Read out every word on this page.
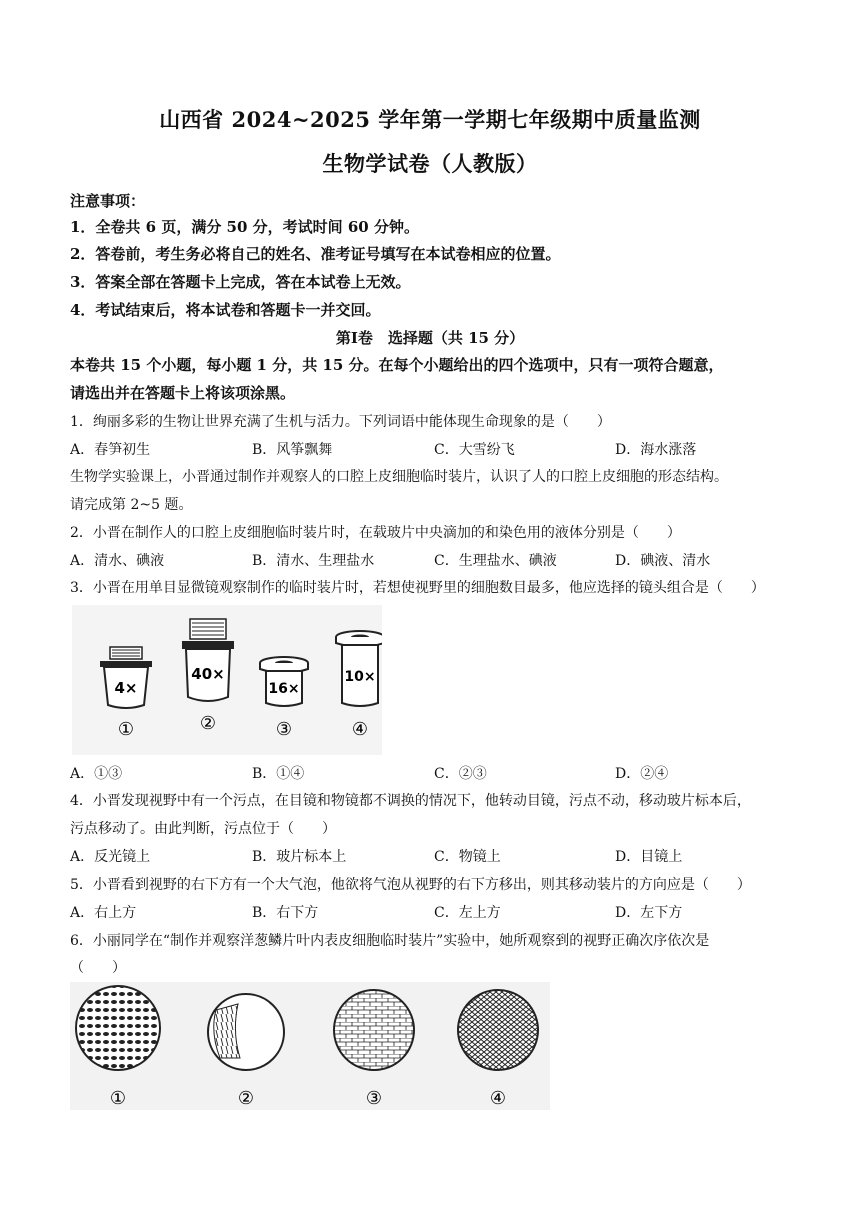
山西省 2024~2025 学年第一学期七年级期中质量监测
生物学试卷（人教版）
注意事项：
1．全卷共 6 页，满分 50 分，考试时间 60 分钟。
2．答卷前，考生务必将自己的姓名、准考证号填写在本试卷相应的位置。
3．答案全部在答题卡上完成，答在本试卷上无效。
4．考试结束后，将本试卷和答题卡一并交回。
第Ⅰ卷　选择题（共 15 分）
本卷共 15 个小题，每小题 1 分，共 15 分。在每个小题给出的四个选项中，只有一项符合题意，
请选出并在答题卡上将该项涂黑。
1．绚丽多彩的生物让世界充满了生机与活力。下列词语中能体现生命现象的是（　　）
A．春笋初生	B．风筝飘舞	C．大雪纷飞	D．海水涨落
生物学实验课上，小晋通过制作并观察人的口腔上皮细胞临时装片，认识了人的口腔上皮细胞的形态结构。
请完成第 2~5 题。
2．小晋在制作人的口腔上皮细胞临时装片时，在载玻片中央滴加的和染色用的液体分别是（　　）
A．清水、碘液	B．清水、生理盐水	C．生理盐水、碘液	D．碘液、清水
3．小晋在用单目显微镜观察制作的临时装片时，若想使视野里的细胞数目最多，他应选择的镜头组合是（　　）
4×
①
40×
②
16×
③
10×
④
A．①③	B．①④	C．②③	D．②④
4．小晋发现视野中有一个污点，在目镜和物镜都不调换的情况下，他转动目镜，污点不动，移动玻片标本后，
污点移动了。由此判断，污点位于（　　）
A．反光镜上	B．玻片标本上	C．物镜上	D．目镜上
5．小晋看到视野的右下方有一个大气泡，他欲将气泡从视野的右下方移出，则其移动装片的方向应是（　　）
A．右上方	B．右下方	C．左上方	D．左下方
6．小丽同学在“制作并观察洋葱鳞片叶内表皮细胞临时装片”实验中，她所观察到的视野正确次序依次是
（　　）
①	②	③	④
